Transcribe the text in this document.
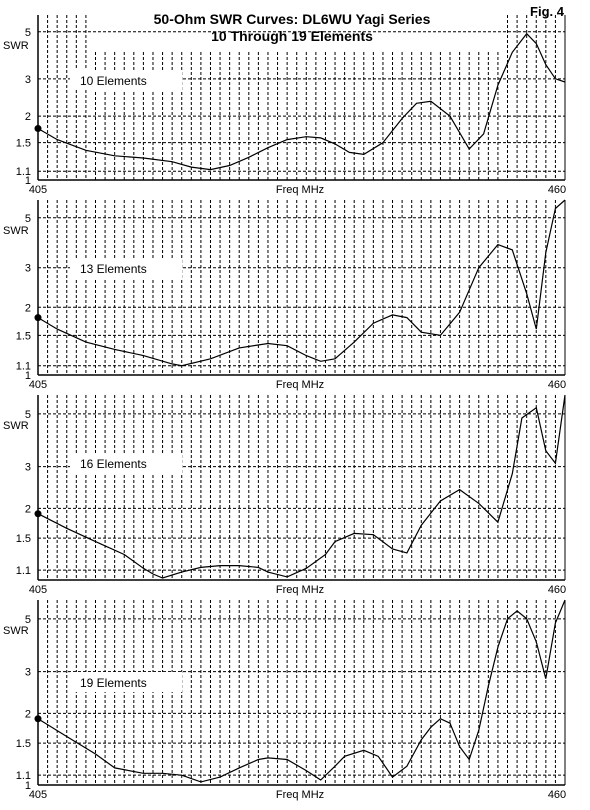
50-Ohm SWR Curves: DL6WU Yagi Series
10 Through 19 Elements
Fig. 4
1
1.1
1.5
2
3
5
SWR
405	460
Freq MHz
10 Elements
1
1.1
1.5
2
3
5
SWR
405	460
Freq MHz
13 Elements
1.1
1.5
2
3
5
SWR
405	460
Freq MHz
16 Elements
1
1.1
1.5
2
3
5
SWR
405	460
Freq MHz
19 Elements
